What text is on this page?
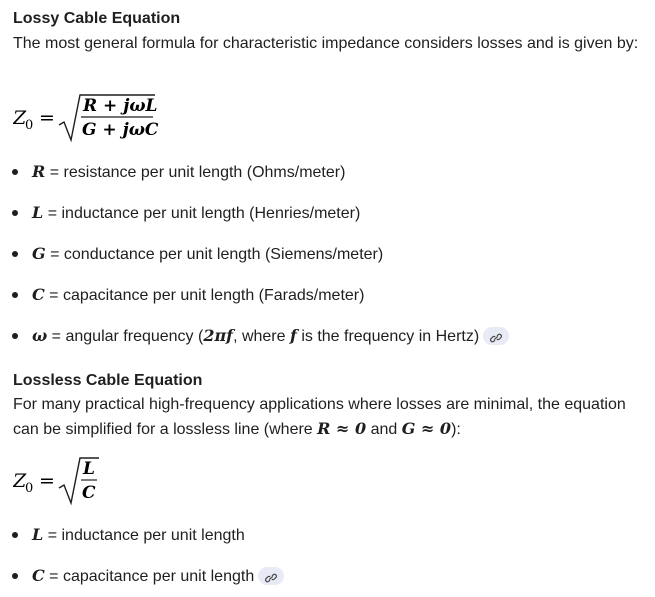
Lossy Cable Equation
The most general formula for characteristic impedance considers losses and is given by:
Z
0 =
R + jωL
G + jωC
R = resistance per unit length (Ohms/meter)
L = inductance per unit length (Henries/meter)
G = conductance per unit length (Siemens/meter)
C = capacitance per unit length (Farads/meter)
ω = angular frequency (2πf, where f is the frequency in Hertz)
Lossless Cable Equation
For many practical high-frequency applications where losses are minimal, the equation can be simplified for a lossless line (where R ≈ 0 and G ≈ 0):
Z
0 =
L
C
L = inductance per unit length
C = capacitance per unit length
